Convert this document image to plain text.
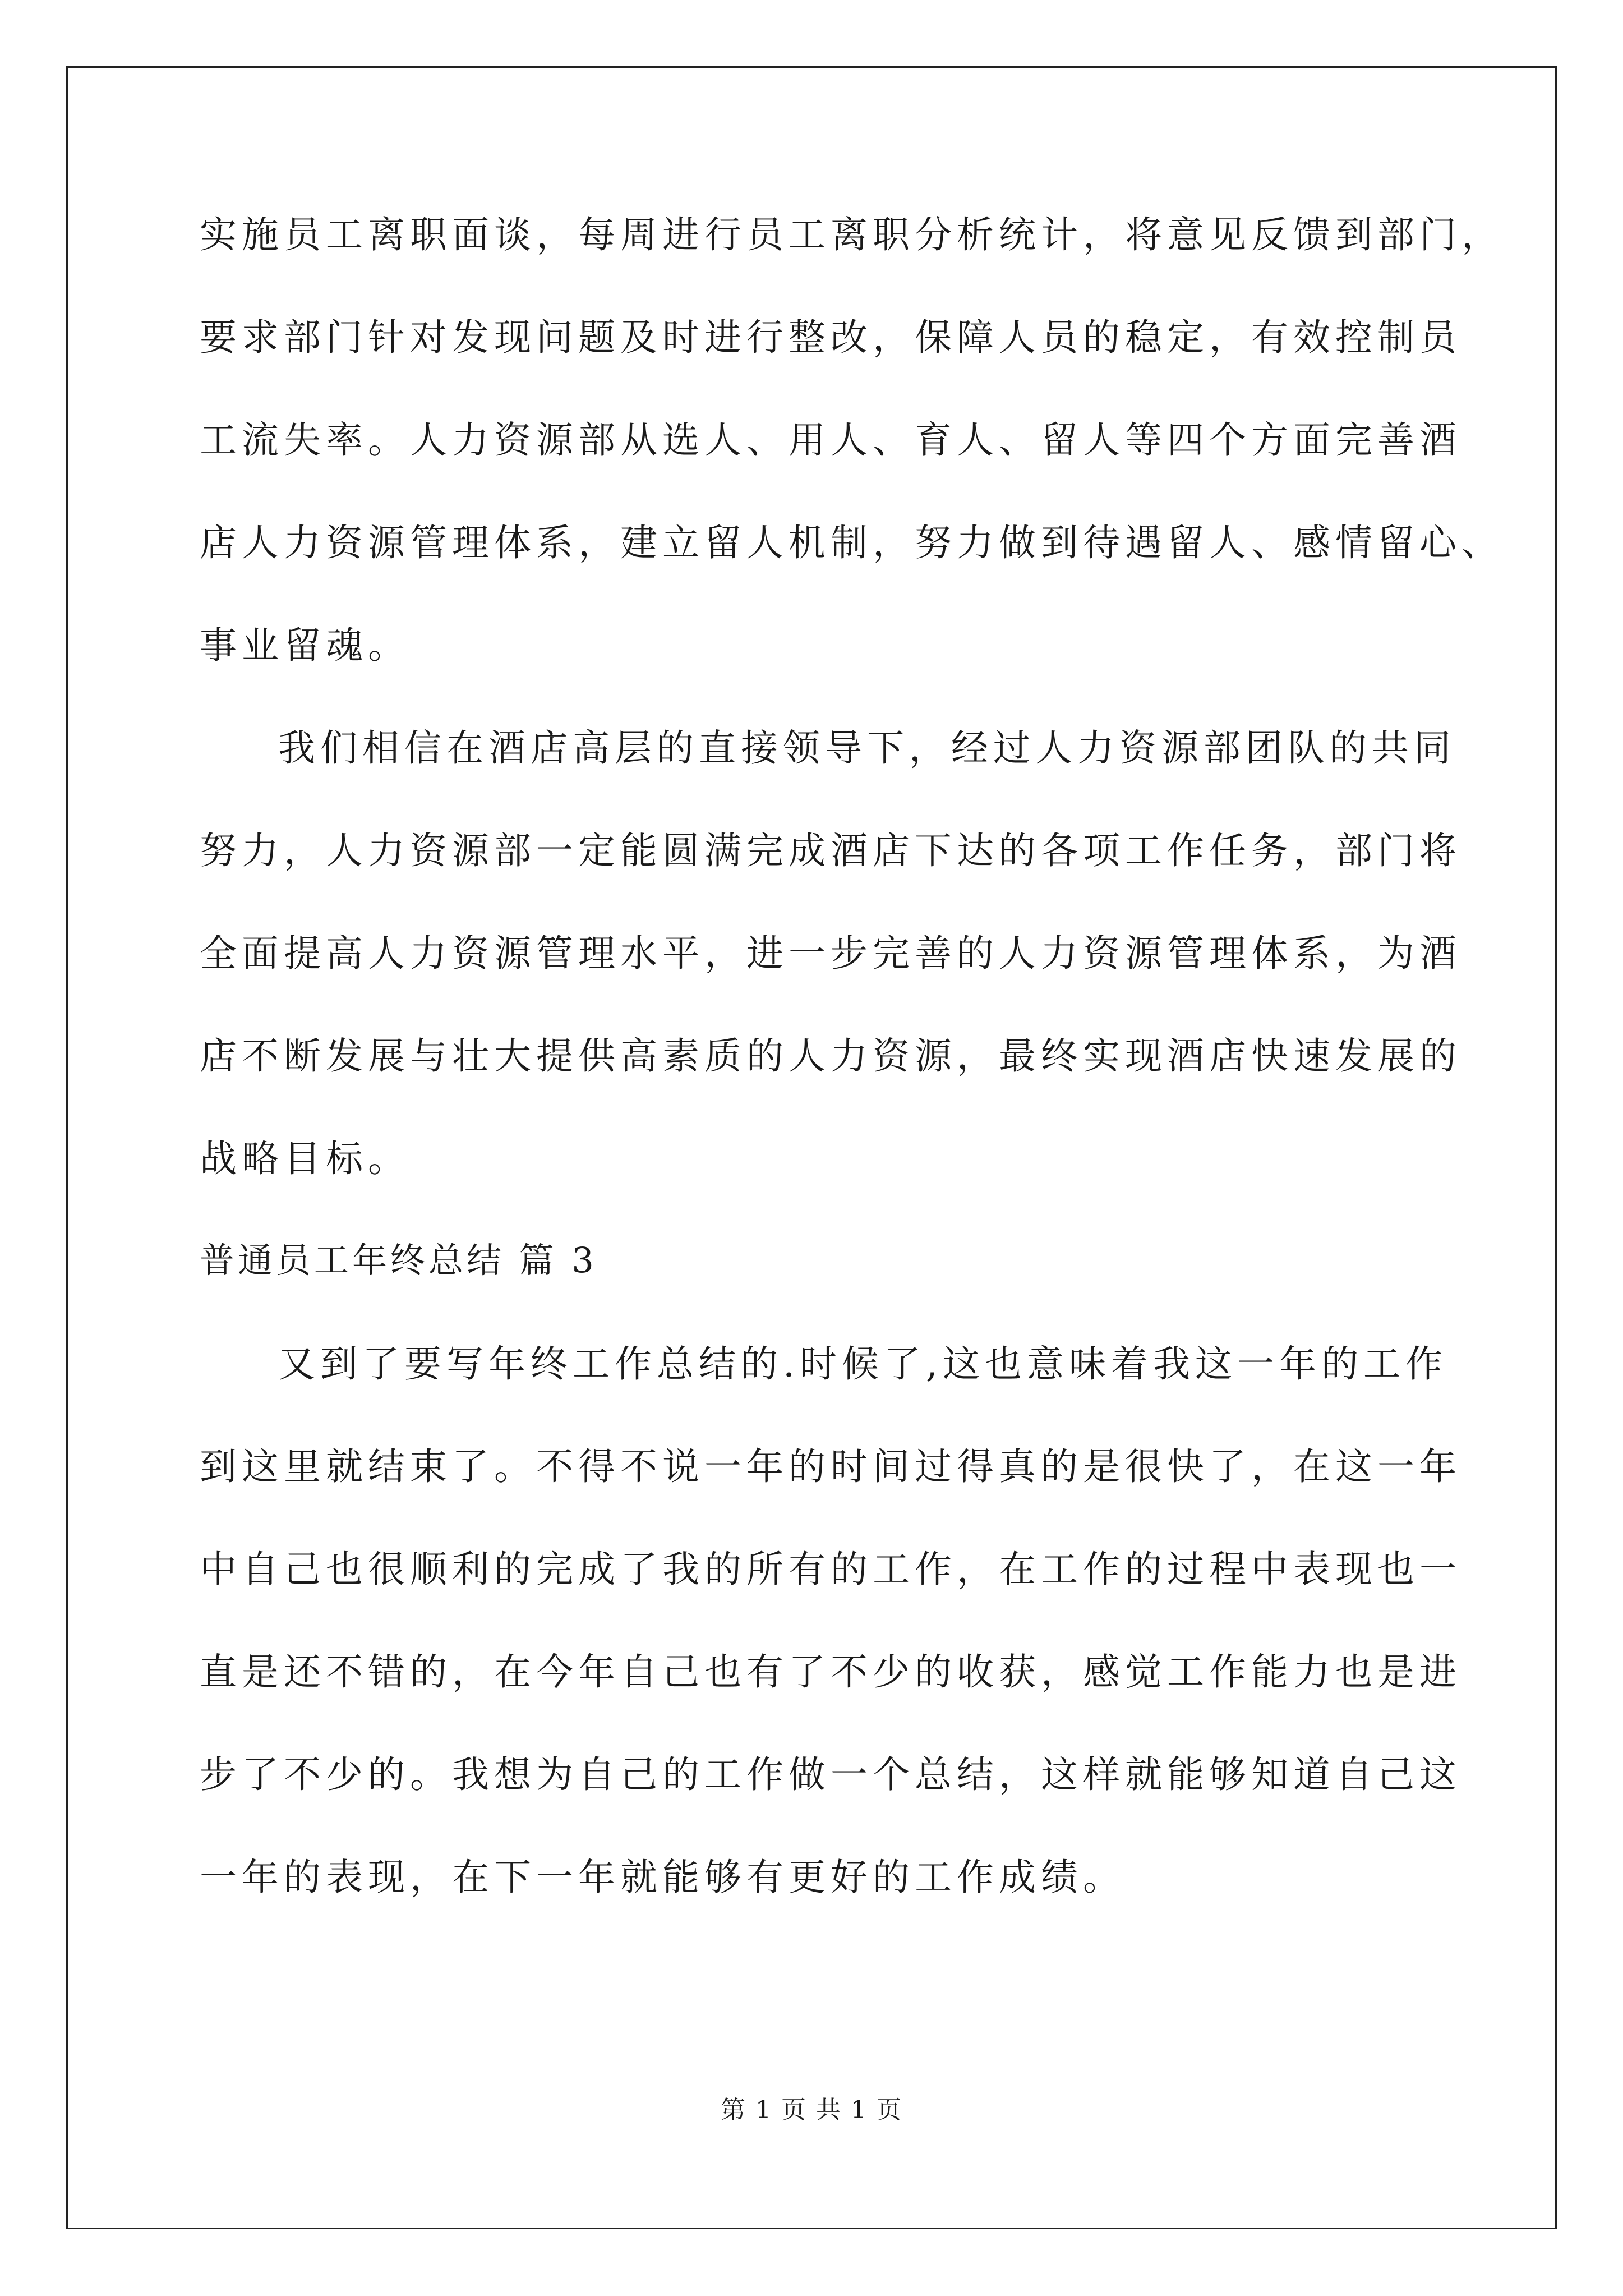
实施员工离职面谈，每周进行员工离职分析统计，将意见反馈到部门，
要求部门针对发现问题及时进行整改，保障人员的稳定，有效控制员
工流失率。人力资源部从选人、用人、育人、留人等四个方面完善酒
店人力资源管理体系，建立留人机制，努力做到待遇留人、感情留心、
事业留魂。
我们相信在酒店高层的直接领导下，经过人力资源部团队的共同
努力，人力资源部一定能圆满完成酒店下达的各项工作任务，部门将
全面提高人力资源管理水平，进一步完善的人力资源管理体系，为酒
店不断发展与壮大提供高素质的人力资源，最终实现酒店快速发展的
战略目标。
普通员工年终总结 篇 3
又到了要写年终工作总结的.时候了,这也意味着我这一年的工作
到这里就结束了。不得不说一年的时间过得真的是很快了，在这一年
中自己也很顺利的完成了我的所有的工作，在工作的过程中表现也一
直是还不错的，在今年自己也有了不少的收获，感觉工作能力也是进
步了不少的。我想为自己的工作做一个总结，这样就能够知道自己这
一年的表现，在下一年就能够有更好的工作成绩。
第 1 页 共 1 页
